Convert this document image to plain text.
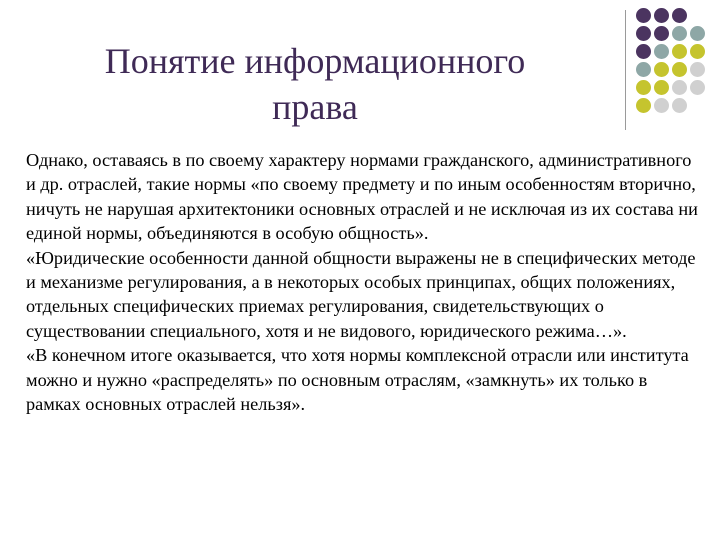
Понятие информационного
права

Однако, оставаясь в по своему характеру нормами гражданского, административного и др. отраслей, такие нормы «по своему предмету и по иным особенностям вторично, ничуть не нарушая архитектоники основных отраслей и не исключая из их состава ни единой нормы, объединяются в особую общность».

«Юридические особенности данной общности выражены не в специфических методе и механизме регулирования, а в некоторых особых принципах, общих положениях, отдельных специфических приемах регулирования, свидетельствующих о существовании специального, хотя и не видового, юридического режима…».

«В конечном итоге оказывается, что хотя нормы комплексной отрасли или института можно и нужно «распределять» по основным отраслям, «замкнуть» их только в рамках основных отраслей нельзя».
